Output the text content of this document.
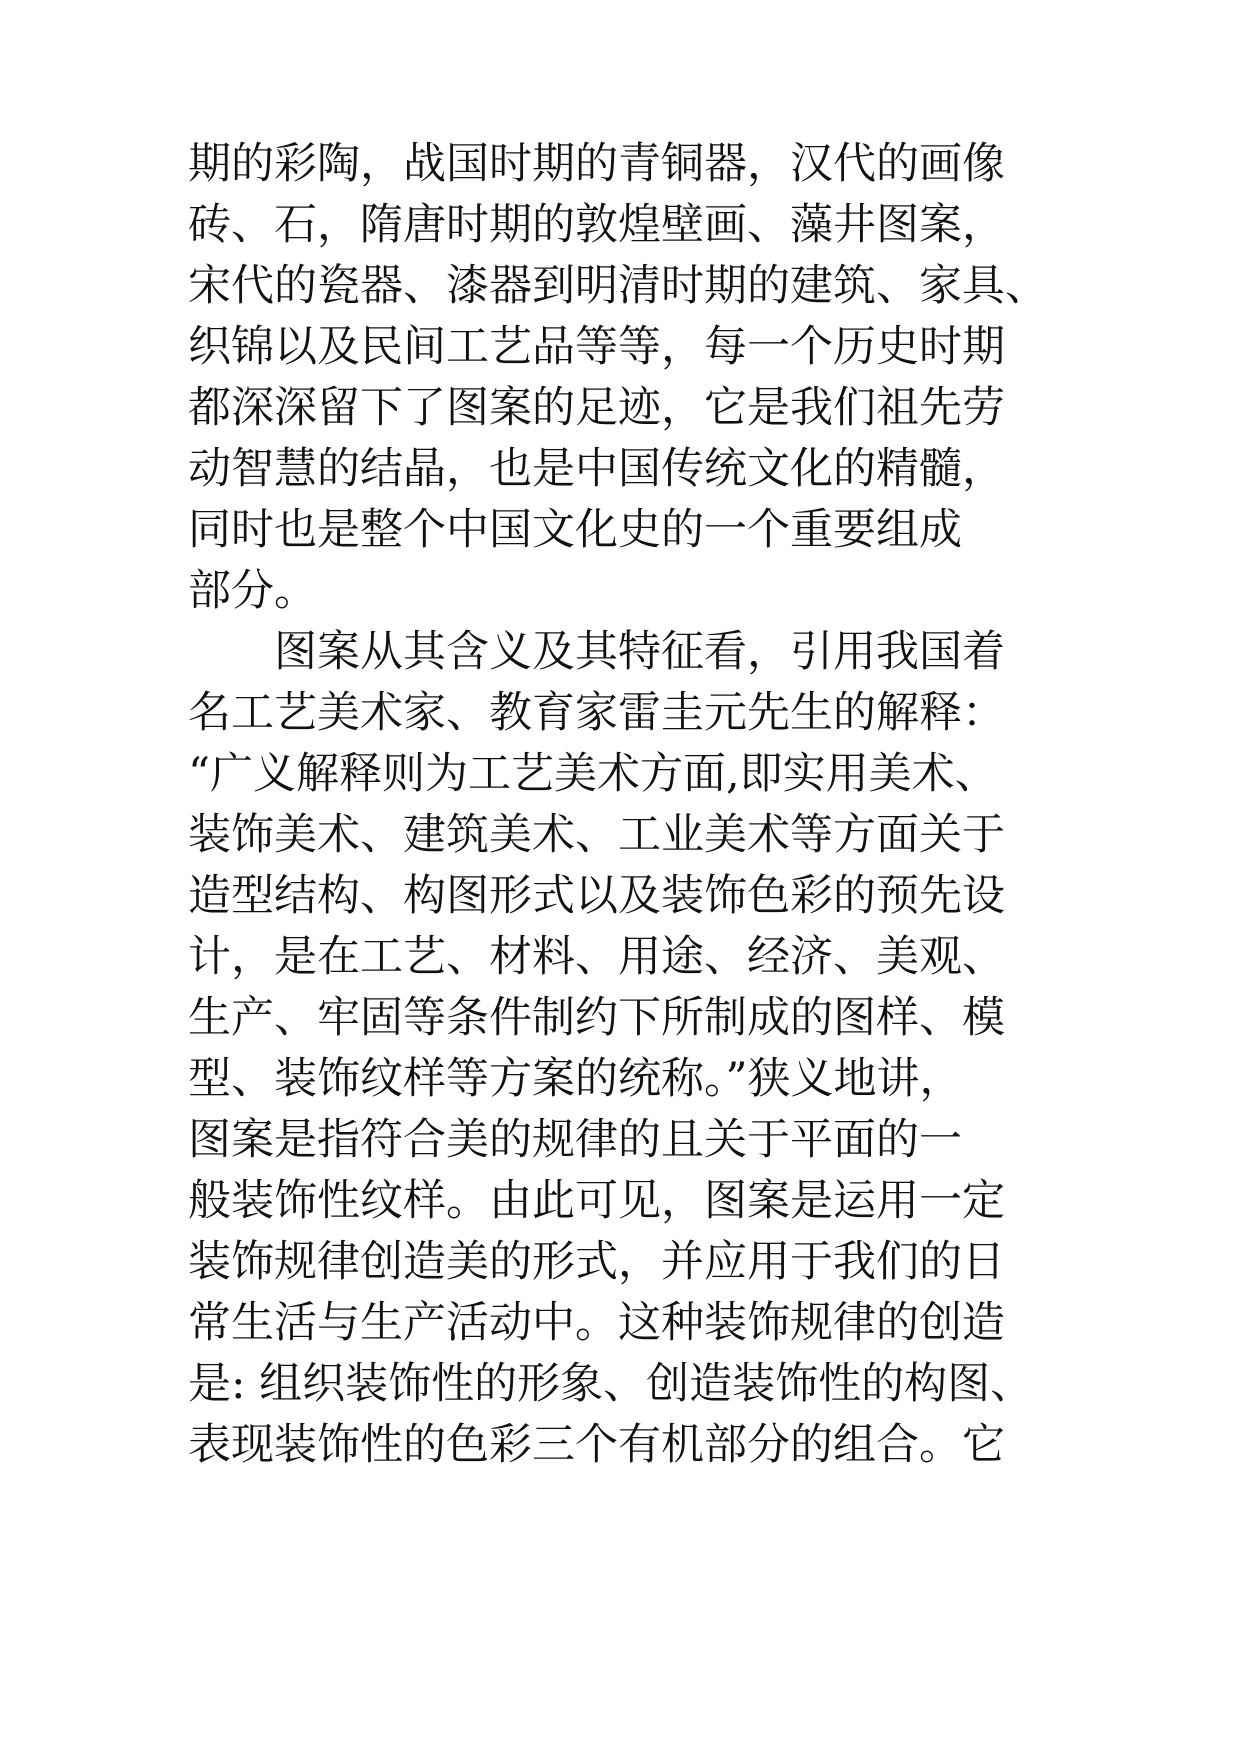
期的彩陶，战国时期的青铜器，汉代的画像
砖、石，隋唐时期的敦煌壁画、藻井图案，
宋代的瓷器、漆器到明清时期的建筑、家具、
织锦以及民间工艺品等等，每一个历史时期
都深深留下了图案的足迹，它是我们祖先劳
动智慧的结晶，也是中国传统文化的精髓，
同时也是整个中国文化史的一个重要组成
部分。
图案从其含义及其特征看，引用我国着
名工艺美术家、教育家雷圭元先生的解释：
“广义解释则为工艺美术方面,即实用美术、
装饰美术、建筑美术、工业美术等方面关于
造型结构、构图形式以及装饰色彩的预先设
计，是在工艺、材料、用途、经济、美观、
生产、牢固等条件制约下所制成的图样、模
型、装饰纹样等方案的统称。”狭义地讲，
图案是指符合美的规律的且关于平面的一
般装饰性纹样。由此可见，图案是运用一定
装饰规律创造美的形式，并应用于我们的日
常生活与生产活动中。这种装饰规律的创造
是: 组织装饰性的形象、创造装饰性的构图、
表现装饰性的色彩三个有机部分的组合。它
